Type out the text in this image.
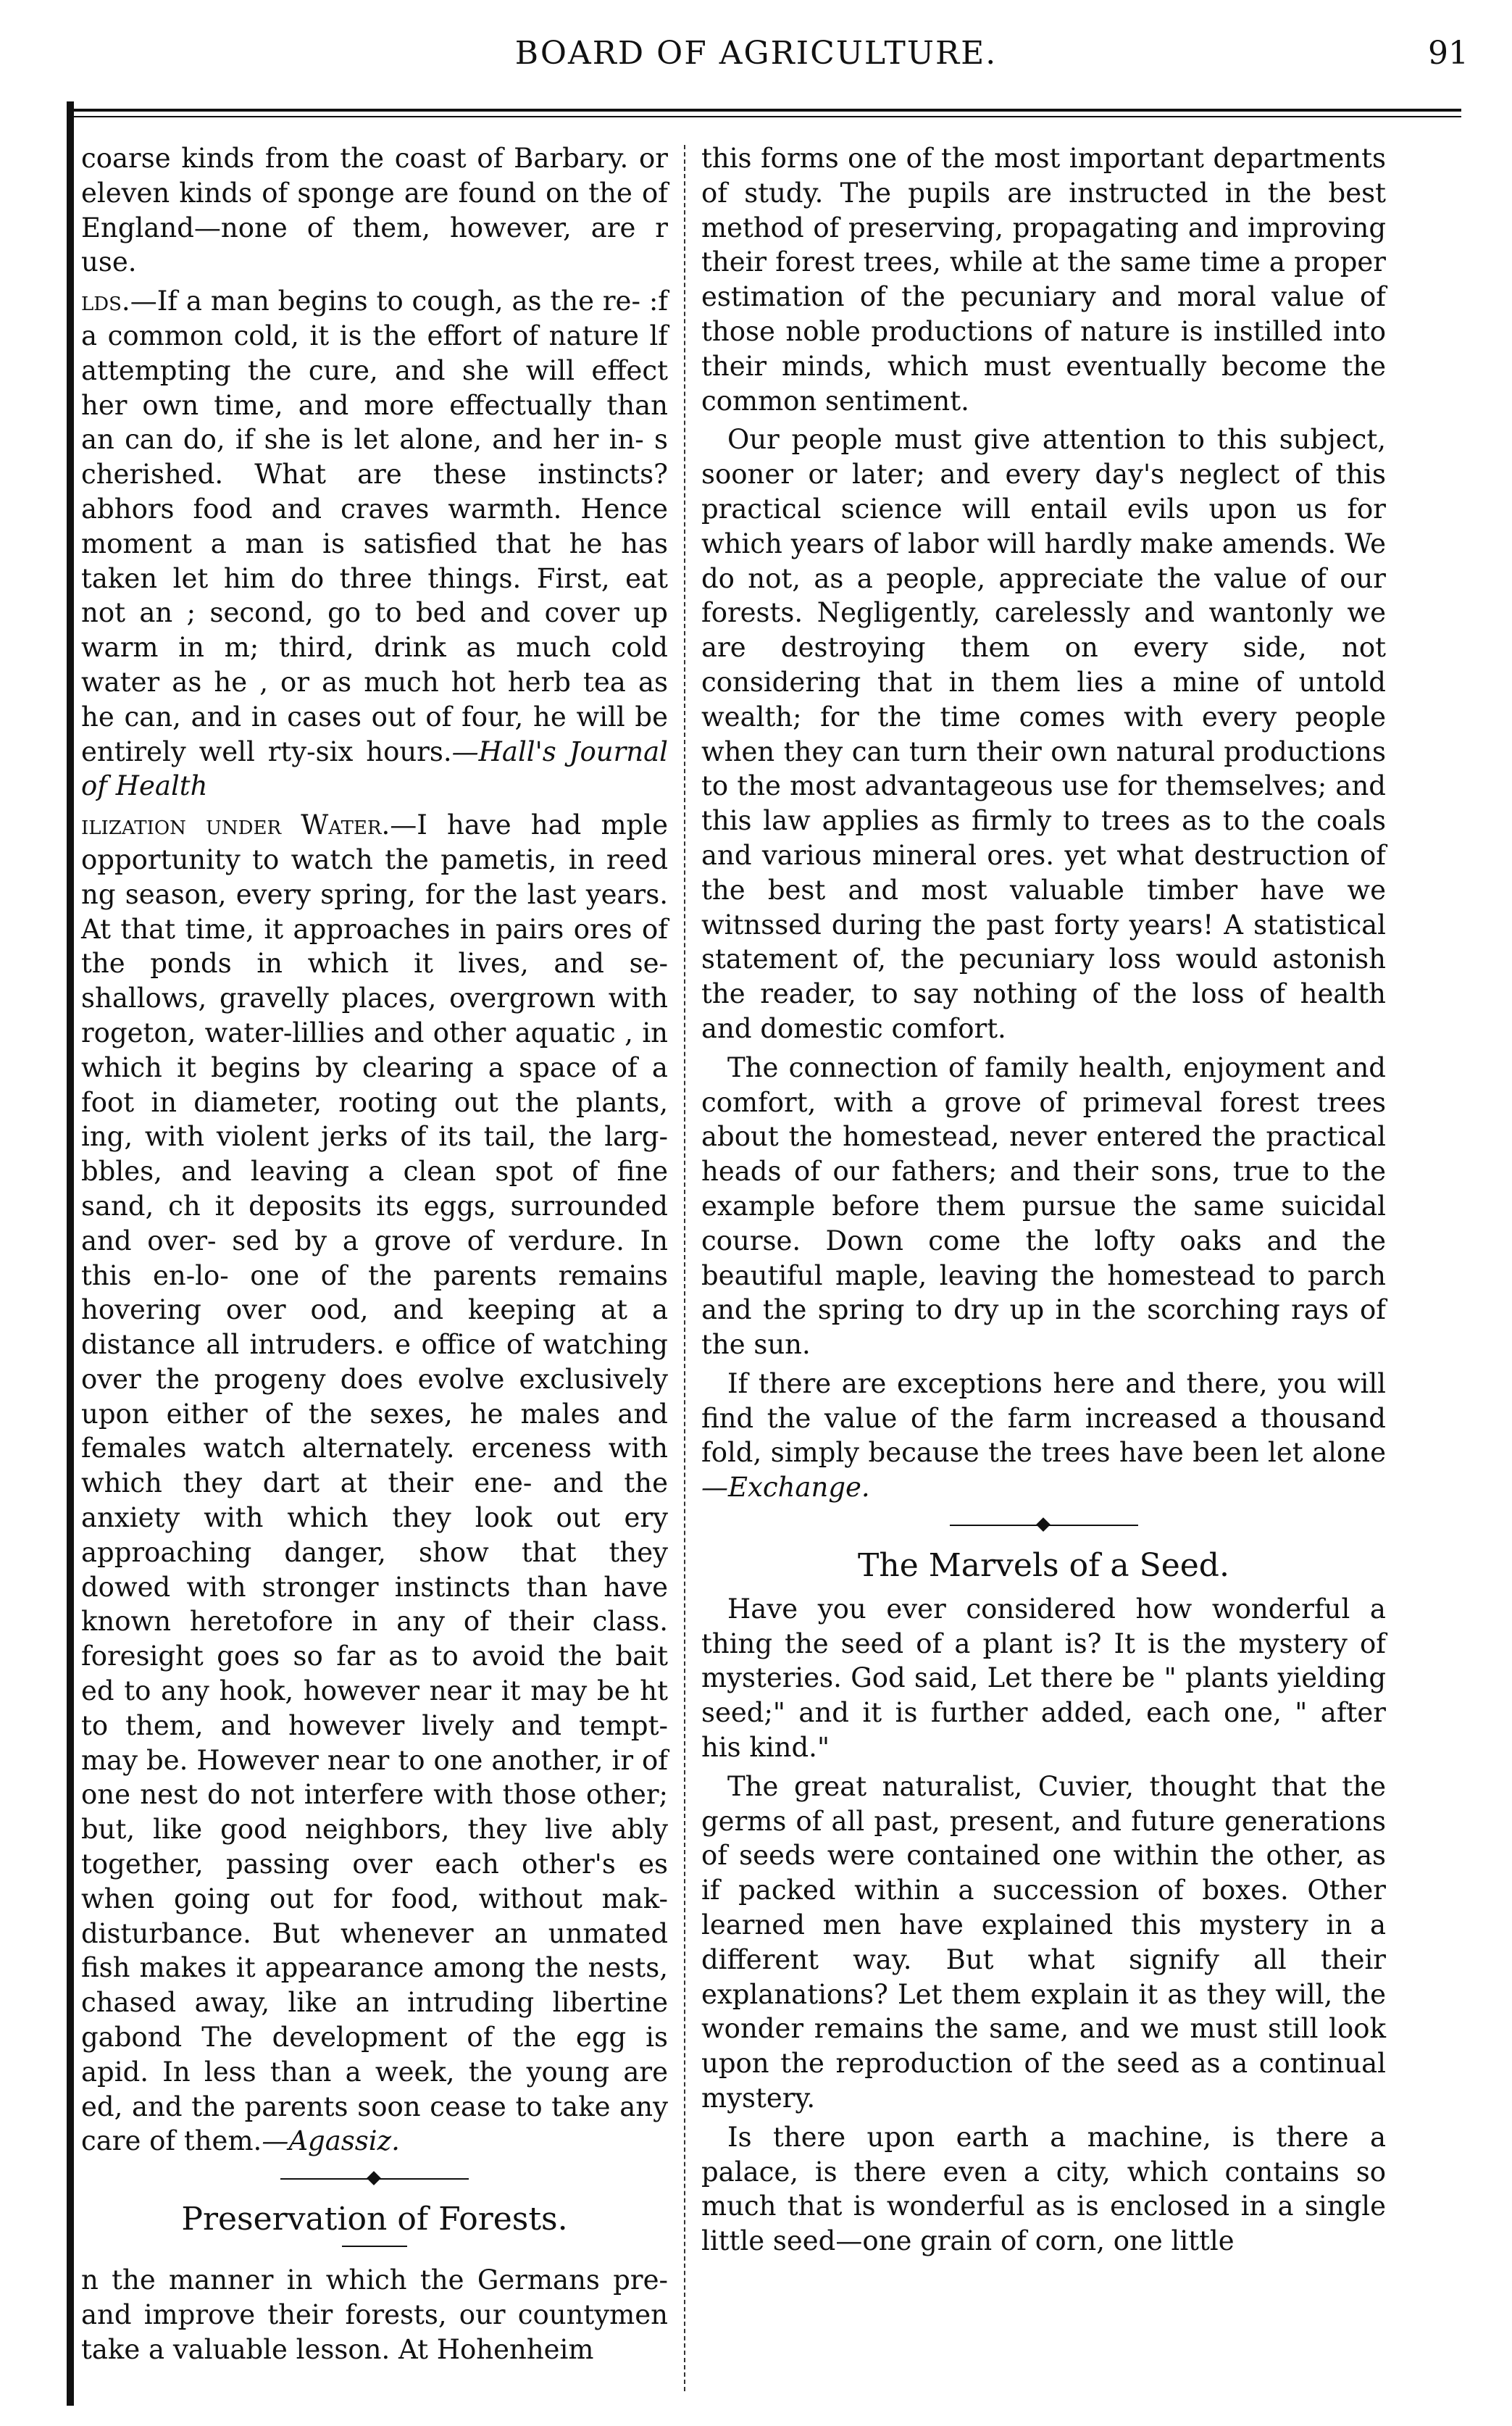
BOARD OF AGRICULTURE.	91

coarse kinds from the coast of Barbary. or eleven kinds of sponge are found on the of England—none of them, however, are r use.

lds.—If a man begins to cough, as the re- :f a common cold, it is the effort of nature lf attempting the cure, and she will effect her own time, and more effectually than an can do, if she is let alone, and her in- s cherished. What are these instincts? abhors food and craves warmth. Hence moment a man is satisfied that he has taken let him do three things. First, eat not an ; second, go to bed and cover up warm in m; third, drink as much cold water as he , or as much hot herb tea as he can, and in cases out of four, he will be entirely well rty-six hours.—Hall's Journal of Health

ilization under Water.—I have had mple opportunity to watch the pametis, in reed ng season, every spring, for the last years. At that time, it approaches in pairs ores of the ponds in which it lives, and se- shallows, gravelly places, overgrown with rogeton, water-lillies and other aquatic , in which it begins by clearing a space of a foot in diameter, rooting out the plants, ing, with violent jerks of its tail, the larg- bbles, and leaving a clean spot of fine sand, ch it deposits its eggs, surrounded and over- sed by a grove of verdure. In this en-lo- one of the parents remains hovering over ood, and keeping at a distance all intruders. e office of watching over the progeny does evolve exclusively upon either of the sexes, he males and females watch alternately. erceness with which they dart at their ene- and the anxiety with which they look out ery approaching danger, show that they dowed with stronger instincts than have known heretofore in any of their class. foresight goes so far as to avoid the bait ed to any hook, however near it may be ht to them, and however lively and tempt- may be. However near to one another, ir of one nest do not interfere with those other; but, like good neighbors, they live ably together, passing over each other's es when going out for food, without mak- disturbance. But whenever an unmated fish makes it appearance among the nests, chased away, like an intruding libertine gabond The development of the egg is apid. In less than a week, the young are ed, and the parents soon cease to take any care of them.—Agassiz.

Preservation of Forests.

n the manner in which the Germans pre- and improve their forests, our countymen take a valuable lesson. At Hohenheim

this forms one of the most important departments of study. The pupils are instructed in the best method of preserving, propagating and improving their forest trees, while at the same time a proper estimation of the pecuniary and moral value of those noble productions of nature is instilled into their minds, which must eventually become the common sentiment.

Our people must give attention to this subject, sooner or later; and every day's neglect of this practical science will entail evils upon us for which years of labor will hardly make amends. We do not, as a people, appreciate the value of our forests. Negligently, carelessly and wantonly we are destroying them on every side, not considering that in them lies a mine of untold wealth; for the time comes with every people when they can turn their own natural productions to the most advantageous use for themselves; and this law applies as firmly to trees as to the coals and various mineral ores. yet what destruction of the best and most valuable timber have we witnssed during the past forty years! A statistical statement of, the pecuniary loss would astonish the reader, to say nothing of the loss of health and domestic comfort.

The connection of family health, enjoyment and comfort, with a grove of primeval forest trees about the homestead, never entered the practical heads of our fathers; and their sons, true to the example before them pursue the same suicidal course. Down come the lofty oaks and the beautiful maple, leaving the homestead to parch and the spring to dry up in the scorching rays of the sun.

If there are exceptions here and there, you will find the value of the farm increased a thousand fold, simply because the trees have been let alone—Exchange.

The Marvels of a Seed.

Have you ever considered how wonderful a thing the seed of a plant is? It is the mystery of mysteries. God said, Let there be " plants yielding seed;" and it is further added, each one, " after his kind."

The great naturalist, Cuvier, thought that the germs of all past, present, and future generations of seeds were contained one within the other, as if packed within a succession of boxes. Other learned men have explained this mystery in a different way. But what signify all their explanations? Let them explain it as they will, the wonder remains the same, and we must still look upon the reproduction of the seed as a continual mystery.

Is there upon earth a machine, is there a palace, is there even a city, which contains so much that is wonderful as is enclosed in a single little seed—one grain of corn, one little
